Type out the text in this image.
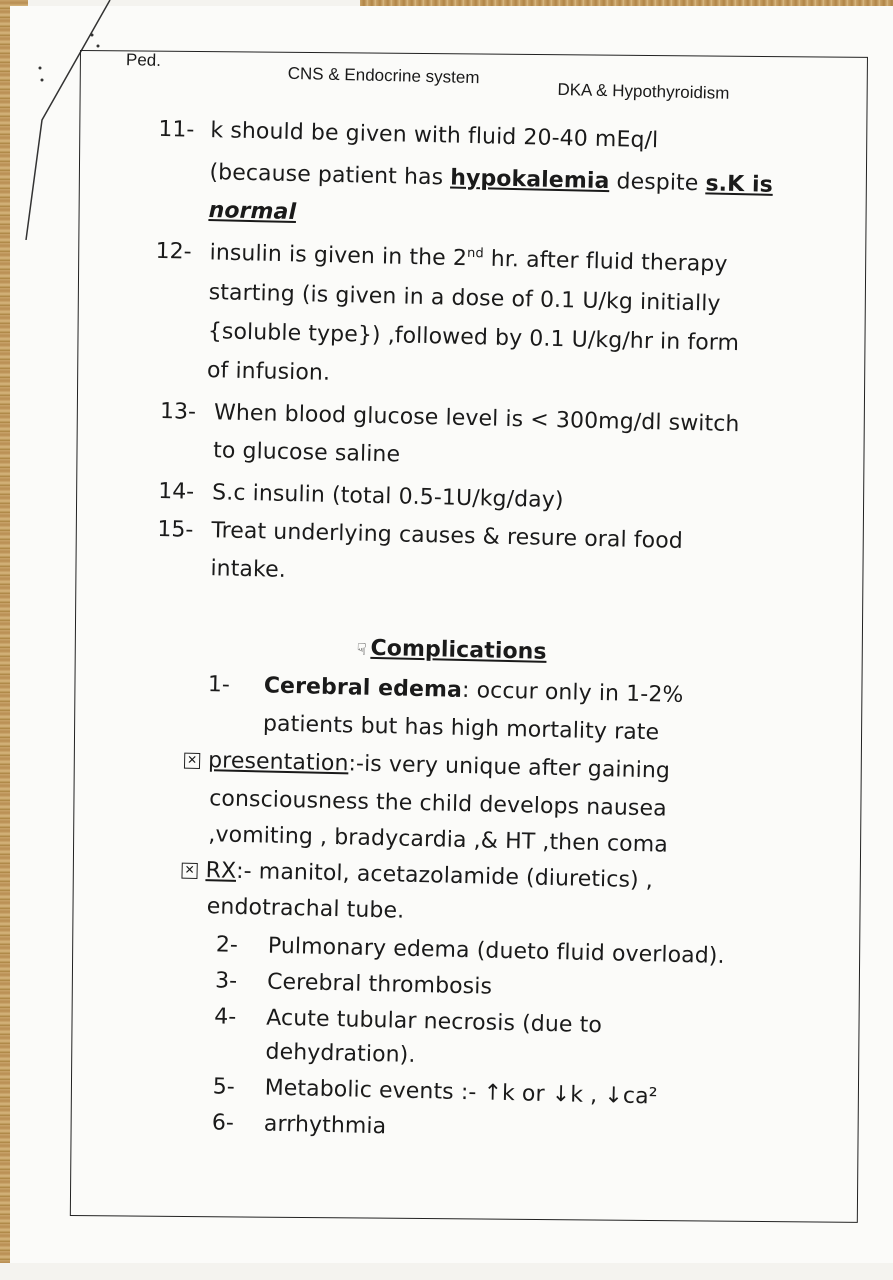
Ped.
CNS & Endocrine system
DKA & Hypothyroidism
11- k should be given with fluid 20-40 mEq/l
(because patient has hypokalemia despite s.K is
normal
12- insulin is given in the 2nd hr. after fluid therapy
starting (is given in a dose of 0.1 U/kg initially
{soluble type}) ,followed by 0.1 U/kg/hr in form
of infusion.
13- When blood glucose level is < 300mg/dl switch
to glucose saline
14- S.c insulin (total 0.5-1U/kg/day)
15- Treat underlying causes & resure oral food
intake.
☟ Complications
1- Cerebral edema: occur only in 1-2%
patients but has high mortality rate
✕ presentation:-is very unique after gaining
consciousness the child develops nausea
,vomiting , bradycardia ,& HT ,then coma
✕ RX:- manitol, acetazolamide (diuretics) ,
endotrachal tube.
2- Pulmonary edema (dueto fluid overload).
3- Cerebral thrombosis
4- Acute tubular necrosis (due to
dehydration).
5- Metabolic events :- ↑k or ↓k , ↓ca²
6- arrhythmia
